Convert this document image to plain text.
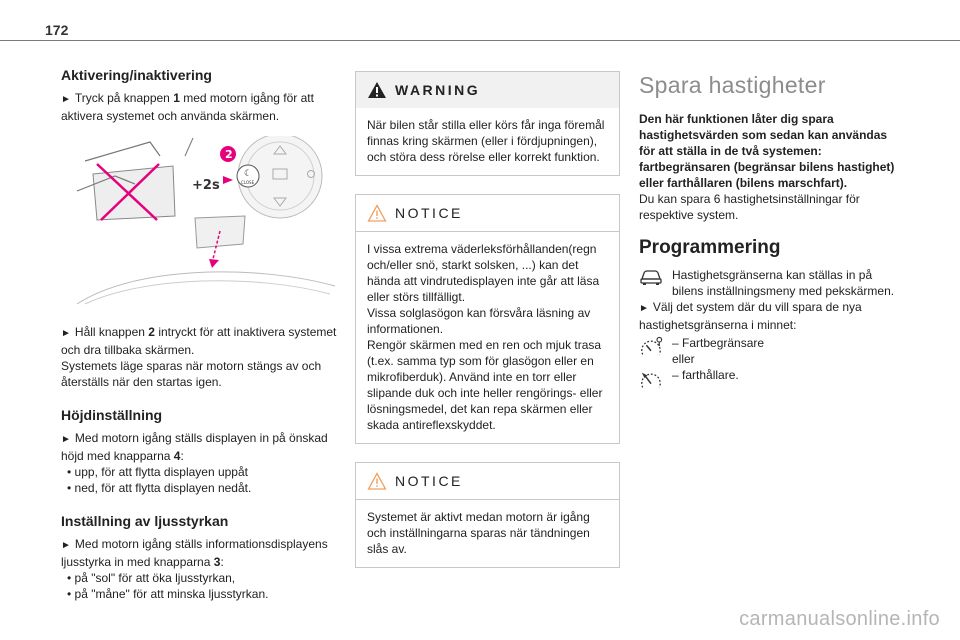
172
Aktivering/inaktivering

► Tryck på knappen 1 med motorn igång för att aktivera systemet och använda skärmen.

☾
CLOSE
2
+2s

► Håll knappen 2 intryckt för att inaktivera systemet och dra tillbaka skärmen.

Systemets läge sparas när motorn stängs av och återställs när den startas igen.

Höjdinställning

► Med motorn igång ställs displayen in på önskad höjd med knapparna 4:

• upp, för att flytta displayen uppåt

• ned, för att flytta displayen nedåt.

Inställning av ljusstyrkan

► Med motorn igång ställs informationsdisplayens ljusstyrka in med knapparna 3:

• på "sol" för att öka ljusstyrkan,

• på "måne" för att minska ljusstyrkan.

WARNING
När bilen står stilla eller körs får inga föremål finnas kring skärmen (eller i fördjupningen), och störa dess rörelse eller korrekt funktion.
NOTICE

I vissa extrema väderleksförhållanden(regn och/eller snö, starkt solsken, ...) kan det hända att vindrutedisplayen inte går att läsa eller störs tillfälligt.

Vissa solglasögon kan försvåra läsning av informationen.

Rengör skärmen med en ren och mjuk trasa (t.ex. samma typ som för glasögon eller en mikrofiberduk). Använd inte en torr eller slipande duk och inte heller rengörings- eller lösningsmedel, det kan repa skärmen eller skada antireflexskyddet.

NOTICE
Systemet är aktivt medan motorn är igång och inställningarna sparas när tändningen slås av.
Spara hastigheter

Den här funktionen låter dig spara hastighetsvärden som sedan kan användas för att ställa in de två systemen: fartbegränsaren (begränsar bilens hastighet) eller farthållaren (bilens marschfart).

Du kan spara 6 hastighetsinställningar för respektive system.

Programmering
Hastighetsgränserna kan ställas in på bilens inställningsmeny med pekskärmen.

► Välj det system där du vill spara de nya hastighetsgränserna i minnet:

– Fartbegränsare
eller
– farthållare.
carmanualsonline.info
